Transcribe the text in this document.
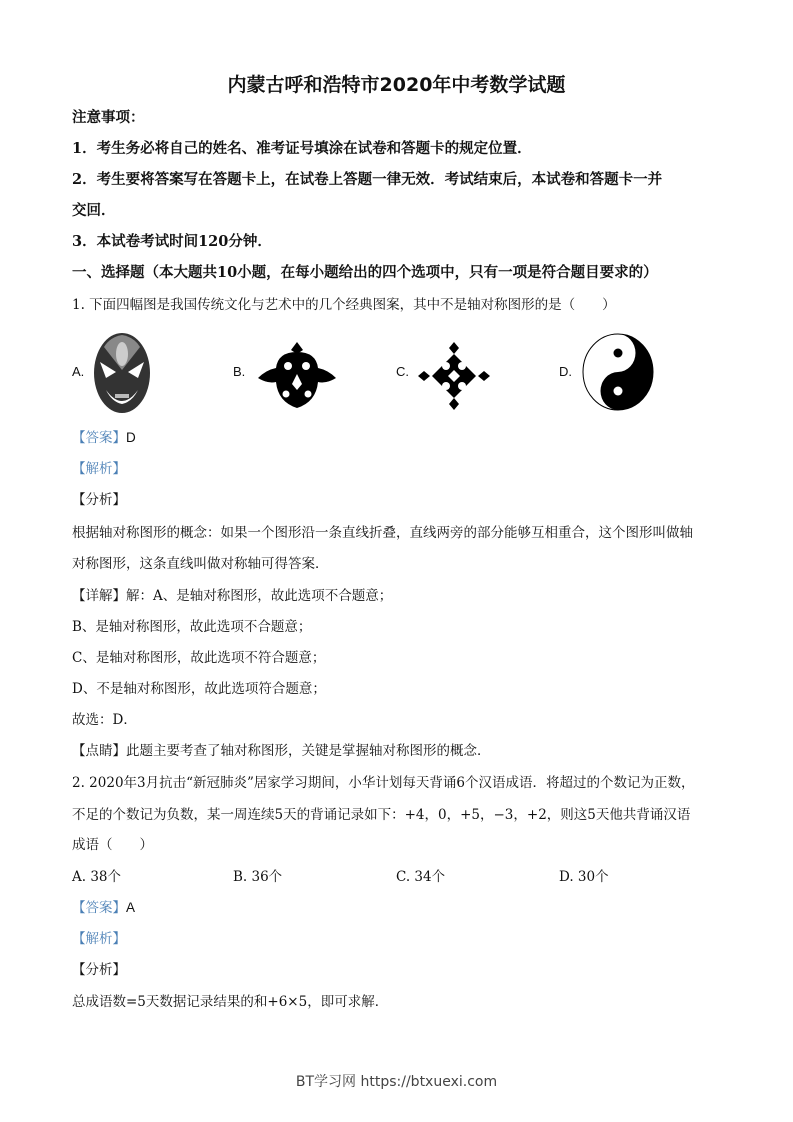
内蒙古呼和浩特市2020年中考数学试题
注意事项：
1．考生务必将自己的姓名、准考证号填涂在试卷和答题卡的规定位置．
2．考生要将答案写在答题卡上，在试卷上答题一律无效．考试结束后，本试卷和答题卡一并
交回．
3．本试卷考试时间120分钟．
一、选择题（本大题共10小题，在每小题给出的四个选项中，只有一项是符合题目要求的）
1. 下面四幅图是我国传统文化与艺术中的几个经典图案，其中不是轴对称图形的是（　　）
A.	B.	C.	D.
【答案】D
【解析】
【分析】
根据轴对称图形的概念：如果一个图形沿一条直线折叠，直线两旁的部分能够互相重合，这个图形叫做轴
对称图形，这条直线叫做对称轴可得答案．
【详解】解：A、是轴对称图形，故此选项不合题意；
B、是轴对称图形，故此选项不合题意；
C、是轴对称图形，故此选项不符合题意；
D、不是轴对称图形，故此选项符合题意；
故选：D．
【点睛】此题主要考查了轴对称图形，关键是掌握轴对称图形的概念．
2. 2020年3月抗击“新冠肺炎”居家学习期间，小华计划每天背诵6个汉语成语．将超过的个数记为正数，
不足的个数记为负数，某一周连续5天的背诵记录如下：+4，0，+5，−3，+2，则这5天他共背诵汉语
成语（　　）
A. 38个	B. 36个	C. 34个	D. 30个
【答案】A
【解析】
【分析】
总成语数=5天数据记录结果的和+6×5，即可求解．
BT学习网 https://btxuexi.com
